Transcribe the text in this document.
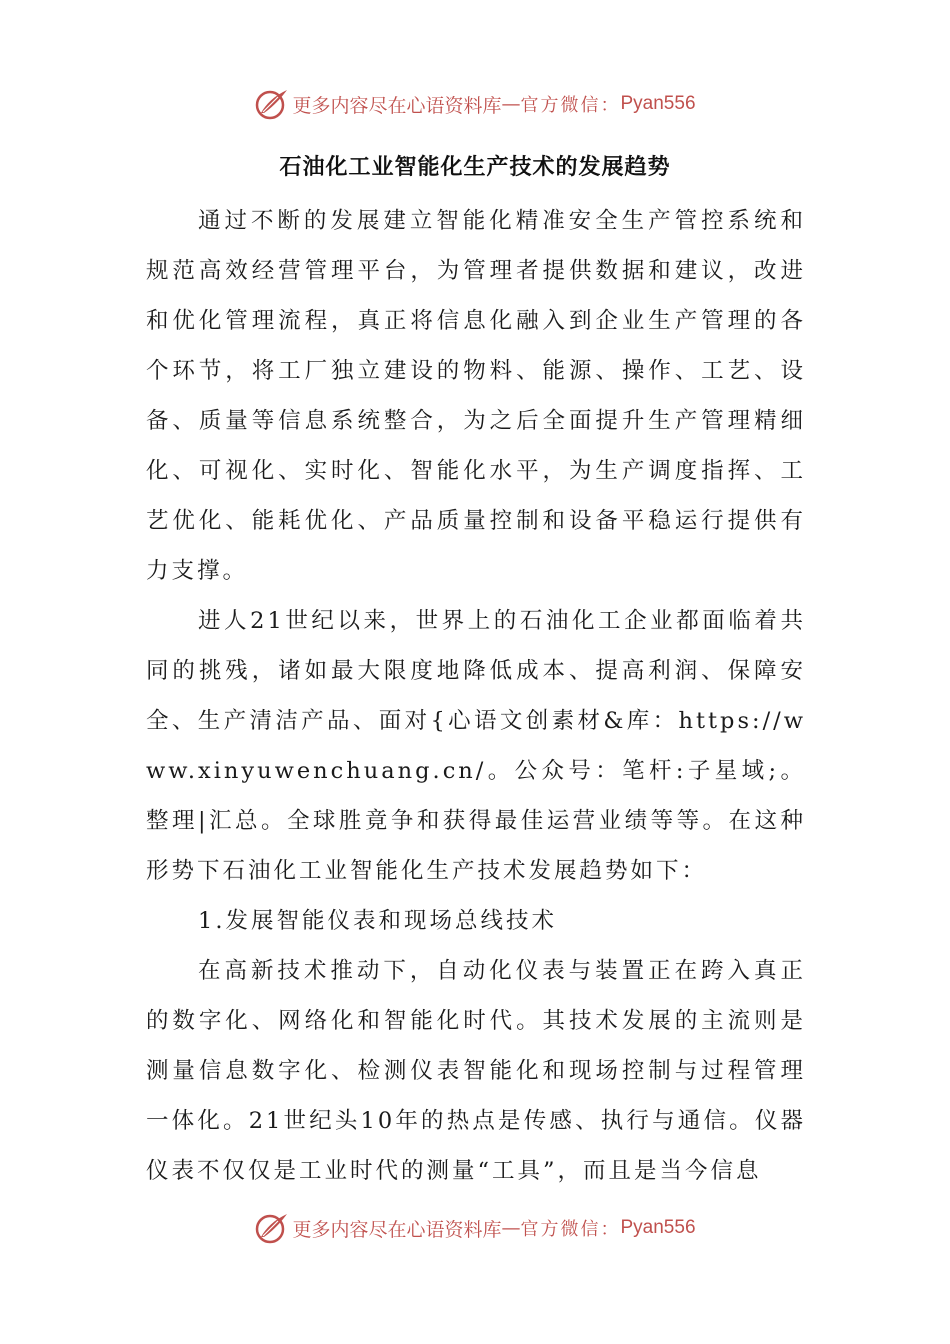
更多内容尽在心语资料库 — 官方微信： Pyan556
石油化工业智能化生产技术的发展趋势

通过不断的发展建立智能化精准安全生产管控系统和规范高效经营管理平台，为管理者提供数据和建议，改进和优化管理流程，真正将信息化融入到企业生产管理的各个环节，将工厂独立建设的物料、能源、操作、工艺、设备、质量等信息系统整合，为之后全面提升生产管理精细化、可视化、实时化、智能化水平，为生产调度指挥、工艺优化、能耗优化、产品质量控制和设备平稳运行提供有力支撑。

进人21世纪以来，世界上的石油化工企业都面临着共同的挑残，诸如最大限度地降低成本、提高利润、保障安全、生产清洁产品、面对{心语文创素材&库：https://www.xinyuwenchuang.cn/。公众号：笔杆:子星域;。整理|汇总。全球胜竟争和获得最佳运营业绩等等。在这种形势下石油化工业智能化生产技术发展趋势如下：

1.发展智能仪表和现场总线技术

在高新技术推动下，自动化仪表与装置正在跨入真正的数字化、网络化和智能化时代。其技术发展的主流则是测量信息数字化、检测仪表智能化和现场控制与过程管理一体化。21世纪头10年的热点是传感、执行与通信。仪器仪表不仅仅是工业时代的测量“工具”，而且是当今信息

更多内容尽在心语资料库 — 官方微信： Pyan556
